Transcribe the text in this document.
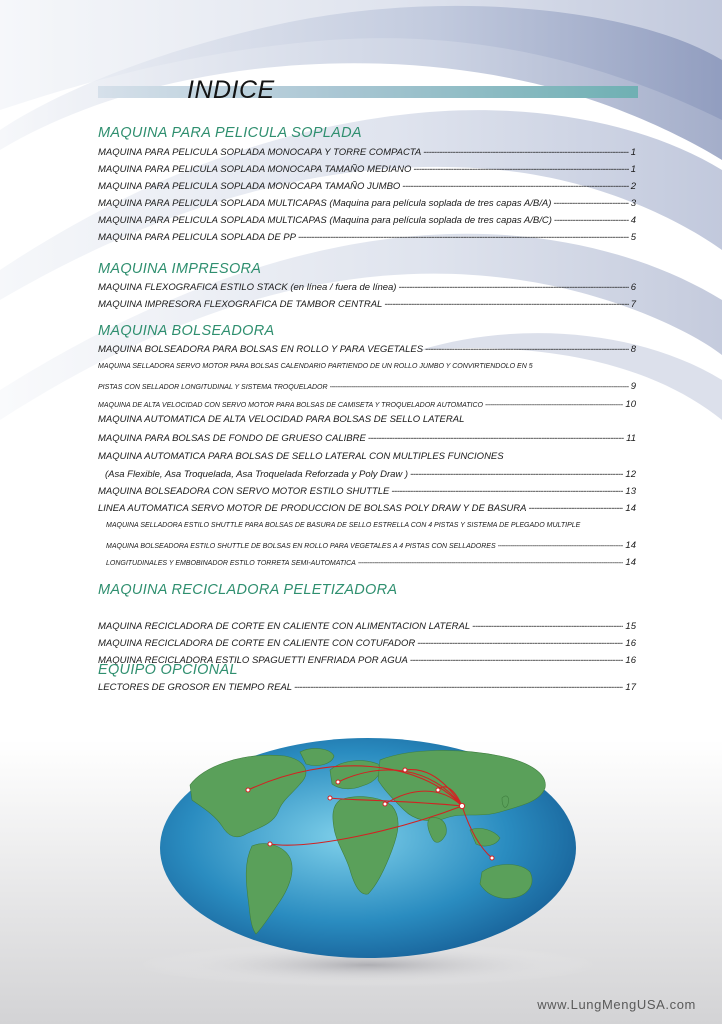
INDICE
MAQUINA PARA PELICULA SOPLADA
MAQUINA PARA PELICULA SOPLADA MONOCAPA Y TORRE COMPACTA -----	1
MAQUINA PARA PELICULA SOPLADA MONOCAPA TAMAÑO MEDIANO -----	1
MAQUINA PARA PELICULA SOPLADA MONOCAPA TAMAÑO JUMBO -----	2
MAQUINA PARA PELICULA SOPLADA MULTICAPAS (Maquina para película soplada de tres capas A/B/A) -----	3
MAQUINA PARA PELICULA SOPLADA MULTICAPAS (Maquina para película soplada de tres capas A/B/C) -----	4
MAQUINA PARA PELICULA SOPLADA DE PP -----	5
MAQUINA IMPRESORA
MAQUINA FLEXOGRAFICA ESTILO STACK (en línea / fuera de línea) -----	6
MAQUINA IMPRESORA FLEXOGRAFICA DE TAMBOR CENTRAL -----	7
MAQUINA BOLSEADORA
MAQUINA BOLSEADORA PARA BOLSAS EN ROLLO Y PARA VEGETALES -----	8
MAQUINA SELLADORA SERVO MOTOR PARA BOLSAS CALENDARIO PARTIENDO DE UN ROLLO JUMBO Y CONVIRTIENDOLO EN 5
PISTAS CON SELLADOR LONGITUDINAL Y SISTEMA TROQUELADOR -----	9
MAQUINA DE ALTA VELOCIDAD CON SERVO MOTOR PARA BOLSAS DE CAMISETA Y TROQUELADOR AUTOMATICO -----	10
MAQUINA AUTOMATICA DE ALTA VELOCIDAD PARA BOLSAS DE SELLO LATERAL
MAQUINA PARA BOLSAS DE FONDO DE GRUESO CALIBRE -----	11
MAQUINA AUTOMATICA PARA BOLSAS DE SELLO LATERAL CON MULTIPLES FUNCIONES
(Asa Flexible, Asa Troquelada, Asa Troquelada Reforzada y Poly Draw ) -----	12
MAQUINA BOLSEADORA CON SERVO MOTOR ESTILO SHUTTLE -----	13
LINEA AUTOMATICA SERVO MOTOR DE PRODUCCION DE BOLSAS POLY DRAW Y DE BASURA -----	14
MAQUINA SELLADORA ESTILO SHUTTLE PARA BOLSAS DE BASURA DE SELLO ESTRELLA CON 4 PISTAS Y SISTEMA DE PLEGADO MULTIPLE
MAQUINA BOLSEADORA ESTILO SHUTTLE DE BOLSAS EN ROLLO PARA VEGETALES A 4 PISTAS CON SELLADORES -----	14
LONGITUDINALES Y EMBOBINADOR ESTILO TORRETA SEMI-AUTOMATICA -----	14
MAQUINA RECICLADORA PELETIZADORA
MAQUINA RECICLADORA DE CORTE EN CALIENTE CON ALIMENTACION LATERAL -----	15
MAQUINA RECICLADORA DE CORTE EN CALIENTE CON COTUFADOR -----	16
MAQUINA RECICLADORA ESTILO SPAGUETTI ENFRIADA POR AGUA -----	16
EQUIPO OPCIONAL
LECTORES DE GROSOR EN TIEMPO REAL -----	17

www.LungMengUSA.com
